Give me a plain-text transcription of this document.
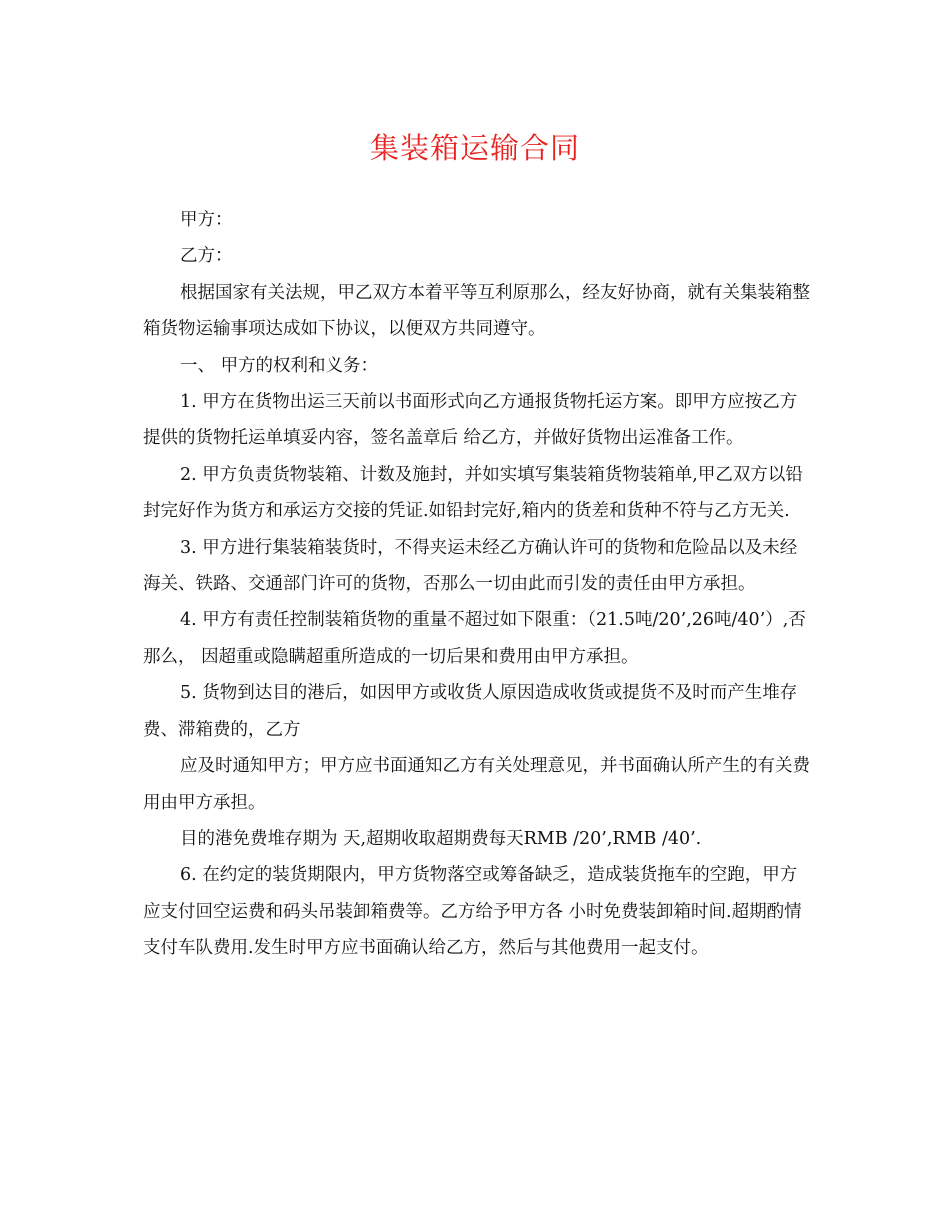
集装箱运输合同

甲方：

乙方：

根据国家有关法规，甲乙双方本着平等互利原那么，经友好协商，就有关集装箱整箱货物运输事项达成如下协议，以便双方共同遵守。

一、 甲方的权利和义务：

1. 甲方在货物出运三天前以书面形式向乙方通报货物托运方案。即甲方应按乙方提供的货物托运单填妥内容，签名盖章后 给乙方，并做好货物出运准备工作。

2. 甲方负责货物装箱、计数及施封，并如实填写集装箱货物装箱单,甲乙双方以铅封完好作为货方和承运方交接的凭证.如铅封完好,箱内的货差和货种不符与乙方无关.

3. 甲方进行集装箱装货时，不得夹运未经乙方确认许可的货物和危险品以及未经海关、铁路、交通部门许可的货物，否那么一切由此而引发的责任由甲方承担。

4. 甲方有责任控制装箱货物的重量不超过如下限重：（21.5吨/20’,26吨/40’）,否那么， 因超重或隐瞒超重所造成的一切后果和费用由甲方承担。

5. 货物到达目的港后，如因甲方或收货人原因造成收货或提货不及时而产生堆存费、滞箱费的，乙方

应及时通知甲方；甲方应书面通知乙方有关处理意见，并书面确认所产生的有关费用由甲方承担。

目的港免费堆存期为 天,超期收取超期费每天RMB /20’,RMB /40’.

6. 在约定的装货期限内，甲方货物落空或筹备缺乏，造成装货拖车的空跑，甲方应支付回空运费和码头吊装卸箱费等。乙方给予甲方各 小时免费装卸箱时间.超期酌情支付车队费用.发生时甲方应书面确认给乙方，然后与其他费用一起支付。
